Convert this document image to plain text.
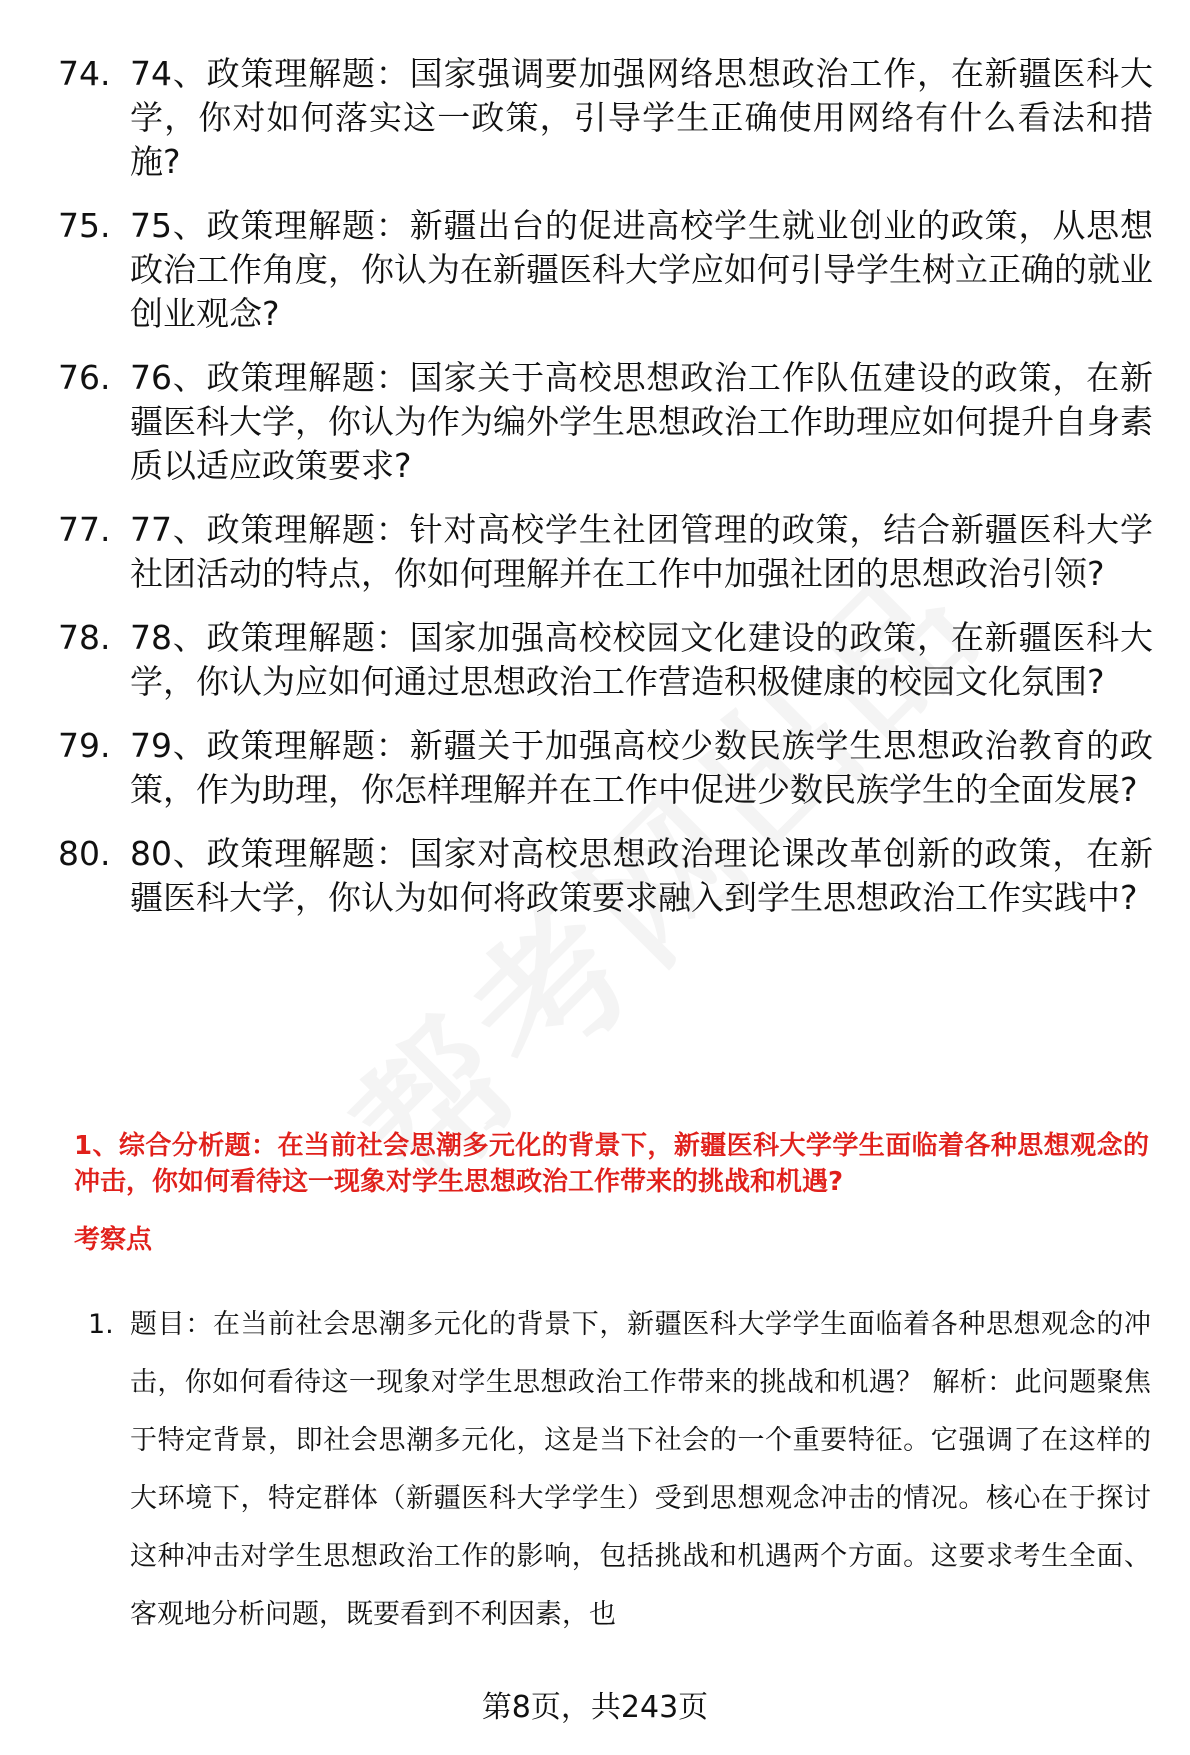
74. 74、政策理解题：国家强调要加强网络思想政治工作，在新疆医科大学，你对如何落实这一政策，引导学生正确使用网络有什么看法和措施?
75. 75、政策理解题：新疆出台的促进高校学生就业创业的政策，从思想政治工作角度，你认为在新疆医科大学应如何引导学生树立正确的就业创业观念?
76. 76、政策理解题：国家关于高校思想政治工作队伍建设的政策，在新疆医科大学，你认为作为编外学生思想政治工作助理应如何提升自身素质以适应政策要求?
77. 77、政策理解题：针对高校学生社团管理的政策，结合新疆医科大学社团活动的特点，你如何理解并在工作中加强社团的思想政治引领?
78. 78、政策理解题：国家加强高校校园文化建设的政策，在新疆医科大学，你认为应如何通过思想政治工作营造积极健康的校园文化氛围?
79. 79、政策理解题：新疆关于加强高校少数民族学生思想政治教育的政策，作为助理，你怎样理解并在工作中促进少数民族学生的全面发展?
80. 80、政策理解题：国家对高校思想政治理论课改革创新的政策，在新疆医科大学，你认为如何将政策要求融入到学生思想政治工作实践中?

1、综合分析题：在当前社会思潮多元化的背景下，新疆医科大学学生面临着各种思想观念的冲击，你如何看待这一现象对学生思想政治工作带来的挑战和机遇?

考察点

1. 题目：在当前社会思潮多元化的背景下，新疆医科大学学生面临着各种思想观念的冲击，你如何看待这一现象对学生思想政治工作带来的挑战和机遇？ 解析：此问题聚焦于特定背景，即社会思潮多元化，这是当下社会的一个重要特征。它强调了在这样的大环境下，特定群体（新疆医科大学学生）受到思想观念冲击的情况。核心在于探讨这种冲击对学生思想政治工作的影响，包括挑战和机遇两个方面。这要求考生全面、客观地分析问题，既要看到不利因素，也
第8页，共243页
